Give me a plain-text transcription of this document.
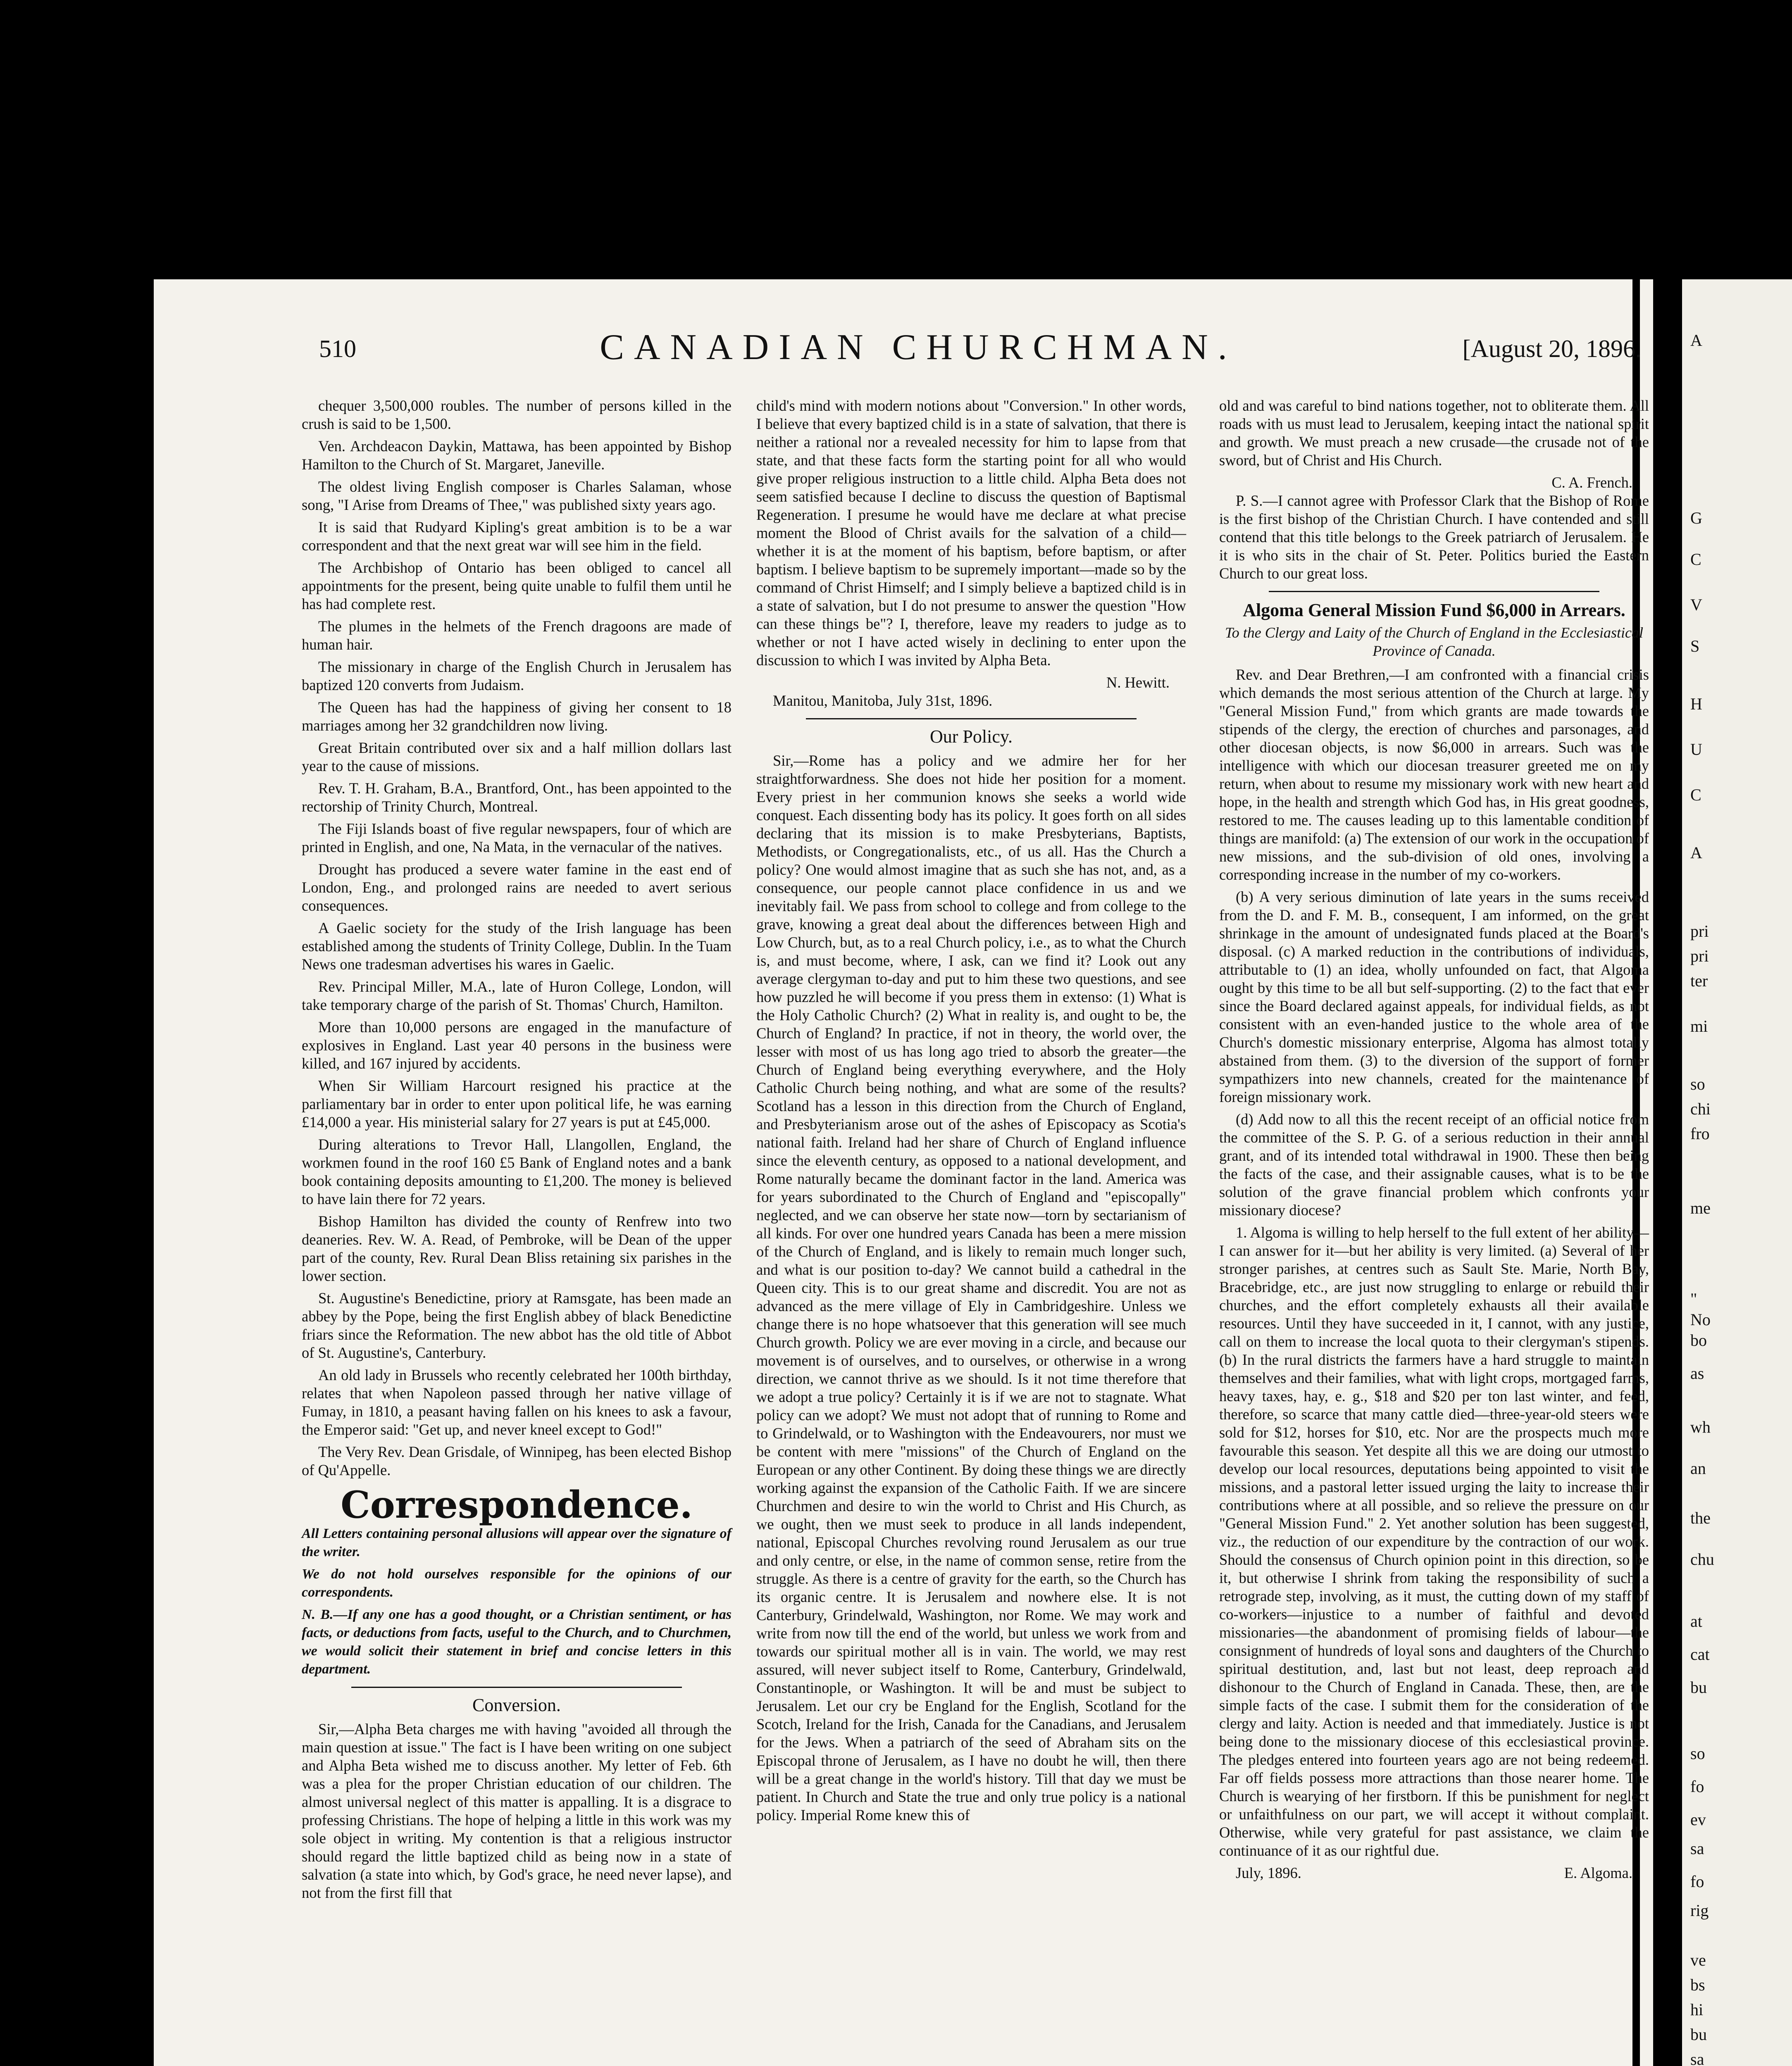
510	CANADIAN CHURCHMAN.	[August 20, 1896.

chequer 3,500,000 roubles. The number of persons killed in the crush is said to be 1,500.

Ven. Archdeacon Daykin, Mattawa, has been appointed by Bishop Hamilton to the Church of St. Margaret, Janeville.

The oldest living English composer is Charles Salaman, whose song, "I Arise from Dreams of Thee," was published sixty years ago.

It is said that Rudyard Kipling's great ambition is to be a war correspondent and that the next great war will see him in the field.

The Archbishop of Ontario has been obliged to cancel all appointments for the present, being quite unable to fulfil them until he has had complete rest.

The plumes in the helmets of the French dragoons are made of human hair.

The missionary in charge of the English Church in Jerusalem has baptized 120 converts from Judaism.

The Queen has had the happiness of giving her consent to 18 marriages among her 32 grandchildren now living.

Great Britain contributed over six and a half million dollars last year to the cause of missions.

Rev. T. H. Graham, B.A., Brantford, Ont., has been appointed to the rectorship of Trinity Church, Montreal.

The Fiji Islands boast of five regular newspapers, four of which are printed in English, and one, Na Mata, in the vernacular of the natives.

Drought has produced a severe water famine in the east end of London, Eng., and prolonged rains are needed to avert serious consequences.

A Gaelic society for the study of the Irish language has been established among the students of Trinity College, Dublin. In the Tuam News one tradesman advertises his wares in Gaelic.

Rev. Principal Miller, M.A., late of Huron College, London, will take temporary charge of the parish of St. Thomas' Church, Hamilton.

More than 10,000 persons are engaged in the manufacture of explosives in England. Last year 40 persons in the business were killed, and 167 injured by accidents.

When Sir William Harcourt resigned his practice at the parliamentary bar in order to enter upon political life, he was earning £14,000 a year. His ministerial salary for 27 years is put at £45,000.

During alterations to Trevor Hall, Llangollen, England, the workmen found in the roof 160 £5 Bank of England notes and a bank book containing deposits amounting to £1,200. The money is believed to have lain there for 72 years.

Bishop Hamilton has divided the county of Renfrew into two deaneries. Rev. W. A. Read, of Pembroke, will be Dean of the upper part of the county, Rev. Rural Dean Bliss retaining six parishes in the lower section.

St. Augustine's Benedictine, priory at Ramsgate, has been made an abbey by the Pope, being the first English abbey of black Benedictine friars since the Reformation. The new abbot has the old title of Abbot of St. Augustine's, Canterbury.

An old lady in Brussels who recently celebrated her 100th birthday, relates that when Napoleon passed through her native village of Fumay, in 1810, a peasant having fallen on his knees to ask a favour, the Emperor said: "Get up, and never kneel except to God!"

The Very Rev. Dean Grisdale, of Winnipeg, has been elected Bishop of Qu'Appelle.

Correspondence.

All Letters containing personal allusions will appear over the signature of the writer.

We do not hold ourselves responsible for the opinions of our correspondents.

N. B.—If any one has a good thought, or a Christian sentiment, or has facts, or deductions from facts, useful to the Church, and to Churchmen, we would solicit their statement in brief and concise letters in this department.

Conversion.

Sir,—Alpha Beta charges me with having "avoided all through the main question at issue." The fact is I have been writing on one subject and Alpha Beta wished me to discuss another. My letter of Feb. 6th was a plea for the proper Christian education of our children. The almost universal neglect of this matter is appalling. It is a disgrace to professing Christians. The hope of helping a little in this work was my sole object in writing. My contention is that a religious instructor should regard the little baptized child as being now in a state of salvation (a state into which, by God's grace, he need never lapse), and not from the first fill that

child's mind with modern notions about "Conversion." In other words, I believe that every baptized child is in a state of salvation, that there is neither a rational nor a revealed necessity for him to lapse from that state, and that these facts form the starting point for all who would give proper religious instruction to a little child. Alpha Beta does not seem satisfied because I decline to discuss the question of Baptismal Regeneration. I presume he would have me declare at what precise moment the Blood of Christ avails for the salvation of a child—whether it is at the moment of his baptism, before baptism, or after baptism. I believe baptism to be supremely important—made so by the command of Christ Himself; and I simply believe a baptized child is in a state of salvation, but I do not presume to answer the question "How can these things be"? I, therefore, leave my readers to judge as to whether or not I have acted wisely in declining to enter upon the discussion to which I was invited by Alpha Beta.

N. Hewitt.

Manitou, Manitoba, July 31st, 1896.

Our Policy.

Sir,—Rome has a policy and we admire her for her straightforwardness. She does not hide her position for a moment. Every priest in her communion knows she seeks a world wide conquest. Each dissenting body has its policy. It goes forth on all sides declaring that its mission is to make Presbyterians, Baptists, Methodists, or Congregationalists, etc., of us all. Has the Church a policy? One would almost imagine that as such she has not, and, as a consequence, our people cannot place confidence in us and we inevitably fail. We pass from school to college and from college to the grave, knowing a great deal about the differences between High and Low Church, but, as to a real Church policy, i.e., as to what the Church is, and must become, where, I ask, can we find it? Look out any average clergyman to-day and put to him these two questions, and see how puzzled he will become if you press them in extenso: (1) What is the Holy Catholic Church? (2) What in reality is, and ought to be, the Church of England? In practice, if not in theory, the world over, the lesser with most of us has long ago tried to absorb the greater—the Church of England being everything everywhere, and the Holy Catholic Church being nothing, and what are some of the results? Scotland has a lesson in this direction from the Church of England, and Presbyterianism arose out of the ashes of Episcopacy as Scotia's national faith. Ireland had her share of Church of England influence since the eleventh century, as opposed to a national development, and Rome naturally became the dominant factor in the land. America was for years subordinated to the Church of England and "episcopally" neglected, and we can observe her state now—torn by sectarianism of all kinds. For over one hundred years Canada has been a mere mission of the Church of England, and is likely to remain much longer such, and what is our position to-day? We cannot build a cathedral in the Queen city. This is to our great shame and discredit. You are not as advanced as the mere village of Ely in Cambridgeshire. Unless we change there is no hope whatsoever that this generation will see much Church growth. Policy we are ever moving in a circle, and because our movement is of ourselves, and to ourselves, or otherwise in a wrong direction, we cannot thrive as we should. Is it not time therefore that we adopt a true policy? Certainly it is if we are not to stagnate. What policy can we adopt? We must not adopt that of running to Rome and to Grindelwald, or to Washington with the Endeavourers, nor must we be content with mere "missions" of the Church of England on the European or any other Continent. By doing these things we are directly working against the expansion of the Catholic Faith. If we are sincere Churchmen and desire to win the world to Christ and His Church, as we ought, then we must seek to produce in all lands independent, national, Episcopal Churches revolving round Jerusalem as our true and only centre, or else, in the name of common sense, retire from the struggle. As there is a centre of gravity for the earth, so the Church has its organic centre. It is Jerusalem and nowhere else. It is not Canterbury, Grindelwald, Washington, nor Rome. We may work and write from now till the end of the world, but unless we work from and towards our spiritual mother all is in vain. The world, we may rest assured, will never subject itself to Rome, Canterbury, Grindelwald, Constantinople, or Washington. It will be and must be subject to Jerusalem. Let our cry be England for the English, Scotland for the Scotch, Ireland for the Irish, Canada for the Canadians, and Jerusalem for the Jews. When a patriarch of the seed of Abraham sits on the Episcopal throne of Jerusalem, as I have no doubt he will, then there will be a great change in the world's history. Till that day we must be patient. In Church and State the true and only true policy is a national policy. Imperial Rome knew this of

old and was careful to bind nations together, not to obliterate them. All roads with us must lead to Jerusalem, keeping intact the national spirit and growth. We must preach a new crusade—the crusade not of the sword, but of Christ and His Church.

C. A. French.

P. S.—I cannot agree with Professor Clark that the Bishop of Rome is the first bishop of the Christian Church. I have contended and still contend that this title belongs to the Greek patriarch of Jerusalem. He it is who sits in the chair of St. Peter. Politics buried the Eastern Church to our great loss.

Algoma General Mission Fund $6,000 in Arrears.
To the Clergy and Laity of the Church of England in the Ecclesiastical Province of Canada.

Rev. and Dear Brethren,—I am confronted with a financial crisis which demands the most serious attention of the Church at large. My "General Mission Fund," from which grants are made towards the stipends of the clergy, the erection of churches and parsonages, and other diocesan objects, is now $6,000 in arrears. Such was the intelligence with which our diocesan treasurer greeted me on my return, when about to resume my missionary work with new heart and hope, in the health and strength which God has, in His great goodness, restored to me. The causes leading up to this lamentable condition of things are manifold: (a) The extension of our work in the occupation of new missions, and the sub-division of old ones, involving a corresponding increase in the number of my co-workers.

(b) A very serious diminution of late years in the sums received from the D. and F. M. B., consequent, I am informed, on the great shrinkage in the amount of undesignated funds placed at the Board's disposal. (c) A marked reduction in the contributions of individuals, attributable to (1) an idea, wholly unfounded on fact, that Algoma ought by this time to be all but self-supporting. (2) to the fact that ever since the Board declared against appeals, for individual fields, as not consistent with an even-handed justice to the whole area of the Church's domestic missionary enterprise, Algoma has almost totally abstained from them. (3) to the diversion of the support of former sympathizers into new channels, created for the maintenance of foreign missionary work.

(d) Add now to all this the recent receipt of an official notice from the committee of the S. P. G. of a serious reduction in their annual grant, and of its intended total withdrawal in 1900. These then being the facts of the case, and their assignable causes, what is to be the solution of the grave financial problem which confronts your missionary diocese?

1. Algoma is willing to help herself to the full extent of her ability—I can answer for it—but her ability is very limited. (a) Several of her stronger parishes, at centres such as Sault Ste. Marie, North Bay, Bracebridge, etc., are just now struggling to enlarge or rebuild their churches, and the effort completely exhausts all their available resources. Until they have succeeded in it, I cannot, with any justice, call on them to increase the local quota to their clergyman's stipends. (b) In the rural districts the farmers have a hard struggle to maintain themselves and their families, what with light crops, mortgaged farms, heavy taxes, hay, e. g., $18 and $20 per ton last winter, and feed, therefore, so scarce that many cattle died—three-year-old steers were sold for $12, horses for $10, etc. Nor are the prospects much more favourable this season. Yet despite all this we are doing our utmost to develop our local resources, deputations being appointed to visit the missions, and a pastoral letter issued urging the laity to increase their contributions where at all possible, and so relieve the pressure on our "General Mission Fund." 2. Yet another solution has been suggested, viz., the reduction of our expenditure by the contraction of our work. Should the consensus of Church opinion point in this direction, so be it, but otherwise I shrink from taking the responsibility of such a retrograde step, involving, as it must, the cutting down of my staff of co-workers—injustice to a number of faithful and devoted missionaries—the abandonment of promising fields of labour—the consignment of hundreds of loyal sons and daughters of the Church to spiritual destitution, and, last but not least, deep reproach and dishonour to the Church of England in Canada. These, then, are the simple facts of the case. I submit them for the consideration of the clergy and laity. Action is needed and that immediately. Justice is not being done to the missionary diocese of this ecclesiastical province. The pledges entered into fourteen years ago are not being redeemed. Far off fields possess more attractions than those nearer home. The Church is wearying of her firstborn. If this be punishment for neglect or unfaithfulness on our part, we will accept it without complaint. Otherwise, while very grateful for past assistance, we claim the continuance of it as our rightful due.

July, 1896.	E. Algoma.

A
G
C
V
S
H
U
C
A
pri
pri
ter
mi
so
chi
fro
me
"
No
bo
as
wh
an
the
chu
at
cat
bu
so
fo
ev
sa
fo
rig
ve
bs
hi
bu
sa
